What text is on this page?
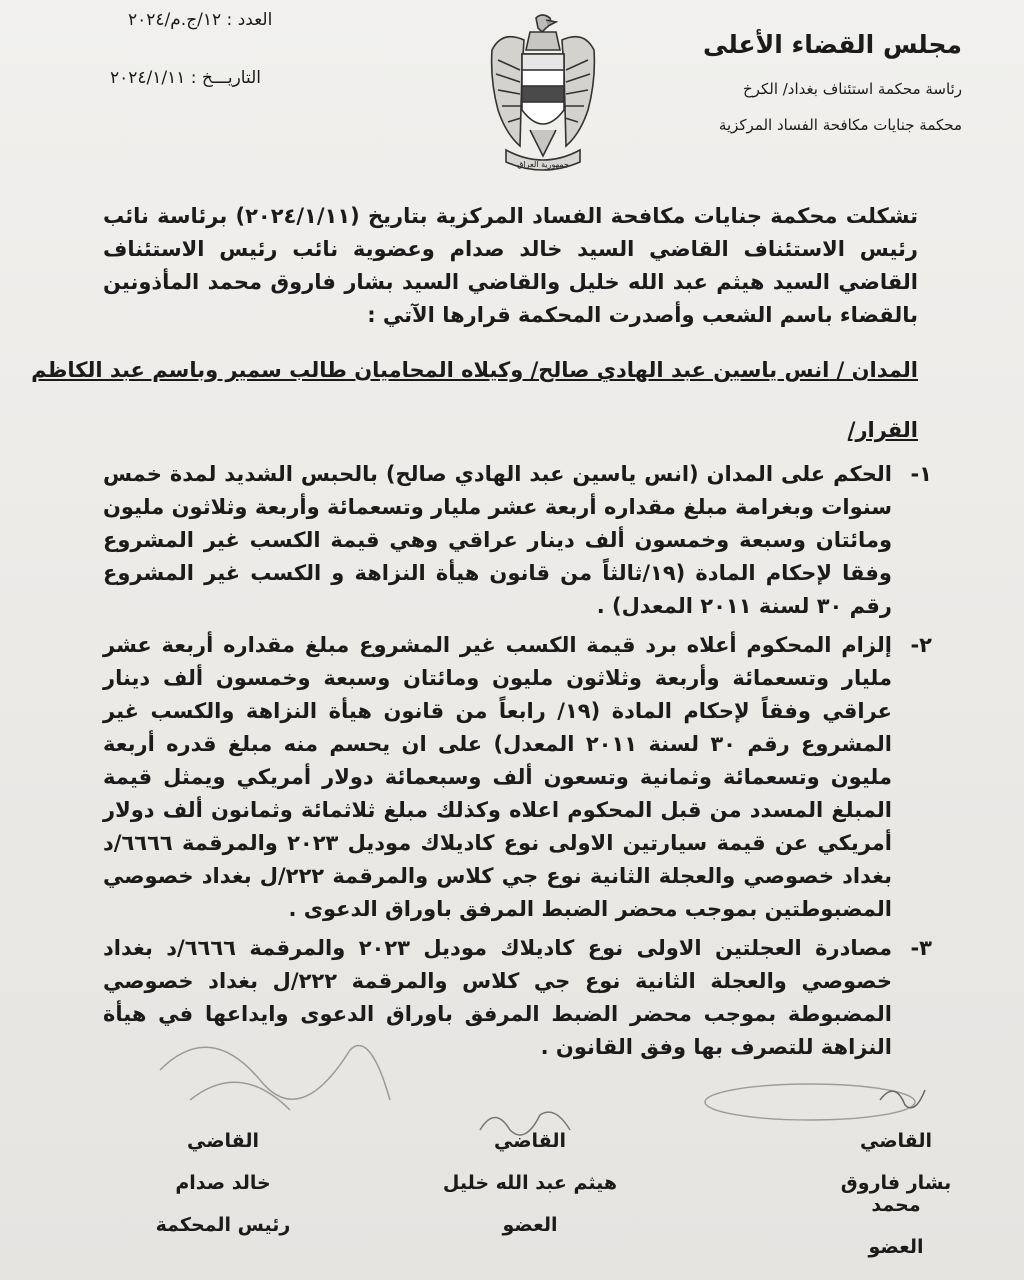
مجلس القضاء الأعلى
رئاسة محكمة استئناف بغداد/ الكرخ
محكمة جنايات مكافحة الفساد المركزية
العدد : ١٢/ج.م/٢٠٢٤
التاريـــخ : ٢٠٢٤/١/١١
جمهورية العراق
تشكلت محكمة جنايات مكافحة الفساد المركزية بتاريخ (٢٠٢٤/١/١١) برئاسة نائب رئيس الاستئناف القاضي السيد خالد صدام وعضوية نائب رئيس الاستئناف القاضي السيد هيثم عبد الله خليل والقاضي السيد بشار فاروق محمد المأذونين بالقضاء باسم الشعب وأصدرت المحكمة قرارها الآتي :
المدان / انس ياسين عبد الهادي صالح/ وكيلاه المحاميان طالب سمير وباسم عبد الكاظم
القرار/
١-
الحكم على المدان (انس ياسين عبد الهادي صالح) بالحبس الشديد لمدة خمس سنوات وبغرامة مبلغ مقداره أربعة عشر مليار وتسعمائة وأربعة وثلاثون مليون ومائتان وسبعة وخمسون ألف دينار عراقي وهي قيمة الكسب غير المشروع وفقا لإحكام المادة (١٩/ثالثاً من قانون هيأة النزاهة و الكسب غير المشروع رقم ٣٠ لسنة ٢٠١١ المعدل) .
٢-
إلزام المحكوم أعلاه برد قيمة الكسب غير المشروع مبلغ مقداره أربعة عشر مليار وتسعمائة وأربعة وثلاثون مليون ومائتان وسبعة وخمسون ألف دينار عراقي وفقاً لإحكام المادة (١٩/ رابعاً من قانون هيأة النزاهة والكسب غير المشروع رقم ٣٠ لسنة ٢٠١١ المعدل) على ان يحسم منه مبلغ قدره أربعة مليون وتسعمائة وثمانية وتسعون ألف وسبعمائة دولار أمريكي ويمثل قيمة المبلغ المسدد من قبل المحكوم اعلاه وكذلك مبلغ ثلاثمائة وثمانون ألف دولار أمريكي عن قيمة سيارتين الاولى نوع كاديلاك موديل ٢٠٢٣ والمرقمة ٦٦٦٦/د بغداد خصوصي والعجلة الثانية نوع جي كلاس والمرقمة ٢٢٢/ل بغداد خصوصي المضبوطتين بموجب محضر الضبط المرفق باوراق الدعوى .
٣-
مصادرة العجلتين الاولى نوع كاديلاك موديل ٢٠٢٣ والمرقمة ٦٦٦٦/د بغداد خصوصي والعجلة الثانية نوع جي كلاس والمرقمة ٢٢٢/ل بغداد خصوصي المضبوطة بموجب محضر الضبط المرفق باوراق الدعوى وايداعها في هيأة النزاهة للتصرف بها وفق القانون .
القاضي
خالد صدام
رئيس المحكمة
القاضي
هيثم عبد الله خليل
العضو
القاضي
بشار فاروق محمد
العضو
